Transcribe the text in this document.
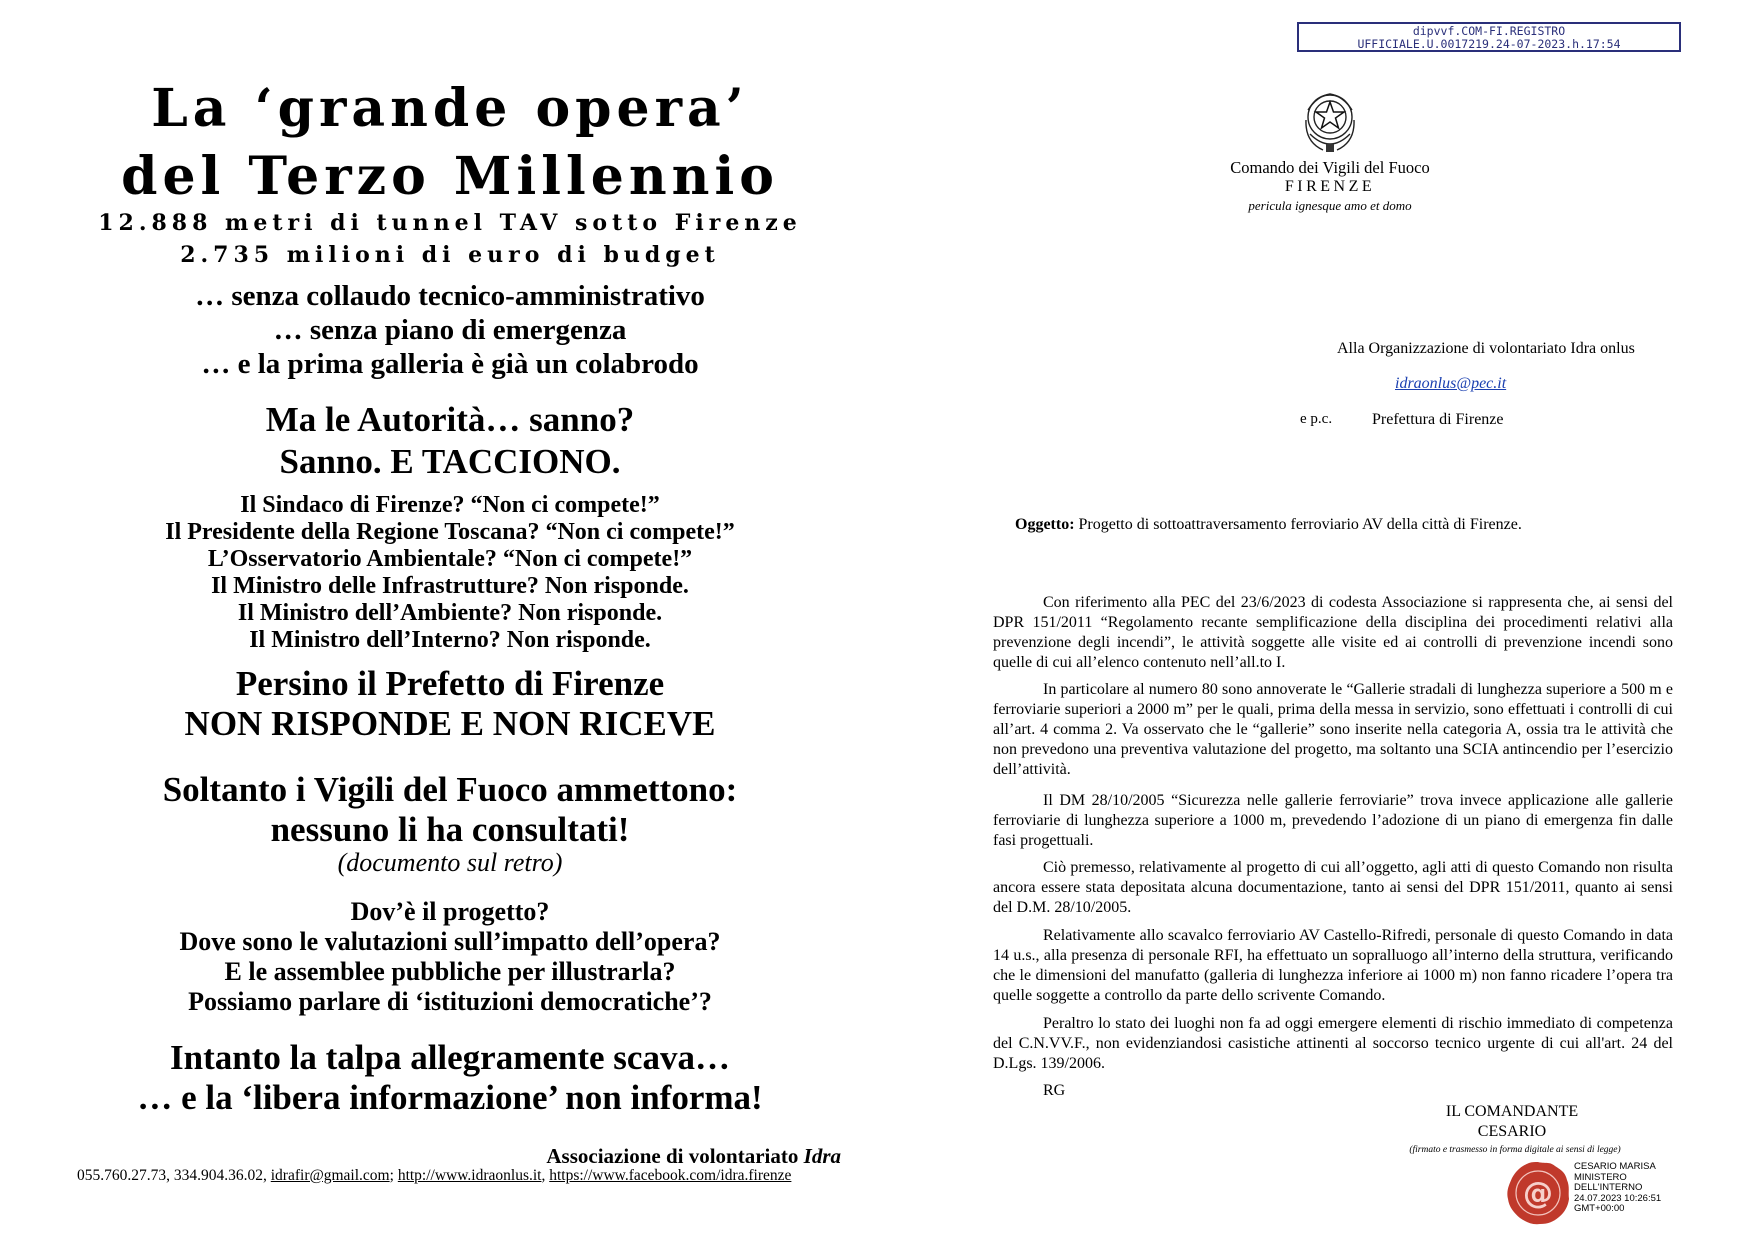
La ‘grande opera’
del Terzo Millennio
12.888 metri di tunnel TAV sotto Firenze
2.735 milioni di euro di budget
… senza collaudo tecnico-amministrativo
… senza piano di emergenza
… e la prima galleria è già un colabrodo
Ma le Autorità… sanno?
Sanno. E TACCIONO.
Il Sindaco di Firenze? “Non ci compete!”
Il Presidente della Regione Toscana? “Non ci compete!”
L’Osservatorio Ambientale? “Non ci compete!”
Il Ministro delle Infrastrutture? Non risponde.
Il Ministro dell’Ambiente? Non risponde.
Il Ministro dell’Interno? Non risponde.
Persino il Prefetto di Firenze
NON RISPONDE E NON RICEVE
Soltanto i Vigili del Fuoco ammettono:
nessuno li ha consultati!
(documento sul retro)
Dov’è il progetto?
Dove sono le valutazioni sull’impatto dell’opera?
E le assemblee pubbliche per illustrarla?
Possiamo parlare di ‘istituzioni democratiche’?
Intanto la talpa allegramente scava…
… e la ‘libera informazione’ non informa!
Associazione di volontariato Idra
055.760.27.73, 334.904.36.02, idrafir@gmail.com; http://www.idraonlus.it, https://www.facebook.com/idra.firenze
dipvvf.COM-FI.REGISTRO
UFFICIALE.U.0017219.24-07-2023.h.17:54
Comando dei Vigili del Fuoco
FIRENZE
pericula ignesque amo et domo
Alla Organizzazione di volontariato Idra onlus
idraonlus@pec.it
e p.c. Prefettura di Firenze
Oggetto: Progetto di sottoattraversamento ferroviario AV della città di Firenze.
Con riferimento alla PEC del 23/6/2023 di codesta Associazione si rappresenta che, ai sensi del DPR 151/2011 “Regolamento recante semplificazione della disciplina dei procedimenti relativi alla prevenzione degli incendi”, le attività soggette alle visite ed ai controlli di prevenzione incendi sono quelle di cui all’elenco contenuto nell’all.to I.
In particolare al numero 80 sono annoverate le “Gallerie stradali di lunghezza superiore a 500 m e ferroviarie superiori a 2000 m” per le quali, prima della messa in servizio, sono effettuati i controlli di cui all’art. 4 comma 2. Va osservato che le “gallerie” sono inserite nella categoria A, ossia tra le attività che non prevedono una preventiva valutazione del progetto, ma soltanto una SCIA antincendio per l’esercizio dell’attività.
Il DM 28/10/2005 “Sicurezza nelle gallerie ferroviarie” trova invece applicazione alle gallerie ferroviarie di lunghezza superiore a 1000 m, prevedendo l’adozione di un piano di emergenza fin dalle fasi progettuali.
Ciò premesso, relativamente al progetto di cui all’oggetto, agli atti di questo Comando non risulta ancora essere stata depositata alcuna documentazione, tanto ai sensi del DPR 151/2011, quanto ai sensi del D.M. 28/10/2005.
Relativamente allo scavalco ferroviario AV Castello-Rifredi, personale di questo Comando in data 14 u.s., alla presenza di personale RFI, ha effettuato un sopralluogo all’interno della struttura, verificando che le dimensioni del manufatto (galleria di lunghezza inferiore ai 1000 m) non fanno ricadere l’opera tra quelle soggette a controllo da parte dello scrivente Comando.
Peraltro lo stato dei luoghi non fa ad oggi emergere elementi di rischio immediato di competenza del C.N.VV.F., non evidenziandosi casistiche attinenti al soccorso tecnico urgente di cui all'art. 24 del D.Lgs. 139/2006.
RG
IL COMANDANTE
CESARIO
(firmato e trasmesso in forma digitale ai sensi di legge)
@
CESARIO MARISA
MINISTERO
DELL'INTERNO
24.07.2023 10:26:51
GMT+00:00
